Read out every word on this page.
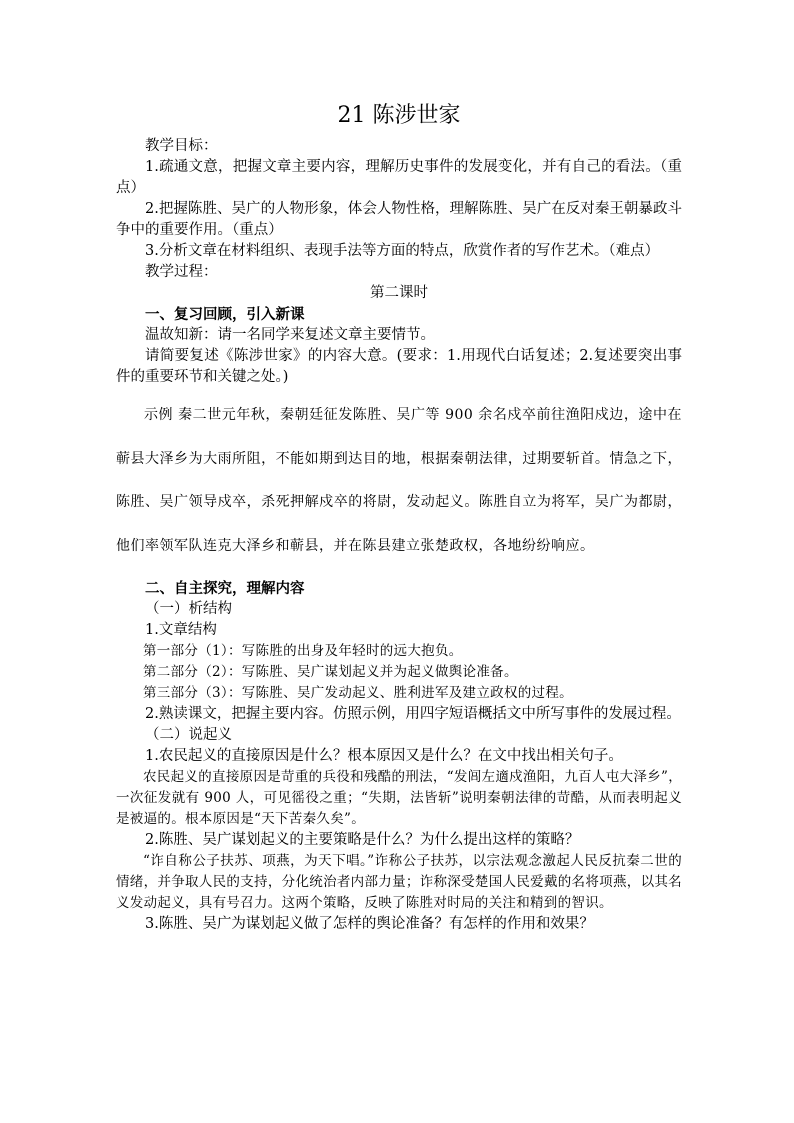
21 陈涉世家

教学目标：

1.疏通文意，把握文章主要内容，理解历史事件的发展变化，并有自己的看法。（重点）

2.把握陈胜、吴广的人物形象，体会人物性格，理解陈胜、吴广在反对秦王朝暴政斗争中的重要作用。（重点）

3.分析文章在材料组织、表现手法等方面的特点，欣赏作者的写作艺术。（难点）

教学过程：

第二课时

一、复习回顾，引入新课

温故知新：请一名同学来复述文章主要情节。

请简要复述《陈涉世家》的内容大意。(要求：1.用现代白话复述；2.复述要突出事件的重要环节和关键之处。)

示例 秦二世元年秋，秦朝廷征发陈胜、吴广等 900 余名戍卒前往渔阳戍边，途中在蕲县大泽乡为大雨所阻，不能如期到达目的地，根据秦朝法律，过期要斩首。情急之下，陈胜、吴广领导戍卒，杀死押解戍卒的将尉，发动起义。陈胜自立为将军，吴广为都尉，他们率领军队连克大泽乡和蕲县，并在陈县建立张楚政权，各地纷纷响应。

二、自主探究，理解内容

（一）析结构

1.文章结构

第一部分（1）：写陈胜的出身及年轻时的远大抱负。

第二部分（2）：写陈胜、吴广谋划起义并为起义做舆论准备。

第三部分（3）：写陈胜、吴广发动起义、胜利进军及建立政权的过程。

2.熟读课文，把握主要内容。仿照示例，用四字短语概括文中所写事件的发展过程。

（二）说起义

1.农民起义的直接原因是什么？根本原因又是什么？在文中找出相关句子。

农民起义的直接原因是苛重的兵役和残酷的刑法，“发闾左適戍渔阳，九百人屯大泽乡”，一次征发就有 900 人，可见徭役之重；“失期，法皆斩”说明秦朝法律的苛酷，从而表明起义是被逼的。根本原因是“天下苦秦久矣”。

2.陈胜、吴广谋划起义的主要策略是什么？为什么提出这样的策略？

“诈自称公子扶苏、项燕，为天下唱。”诈称公子扶苏，以宗法观念激起人民反抗秦二世的情绪，并争取人民的支持，分化统治者内部力量；诈称深受楚国人民爱戴的名将项燕，以其名义发动起义，具有号召力。这两个策略，反映了陈胜对时局的关注和精到的智识。

3.陈胜、吴广为谋划起义做了怎样的舆论准备？有怎样的作用和效果？
